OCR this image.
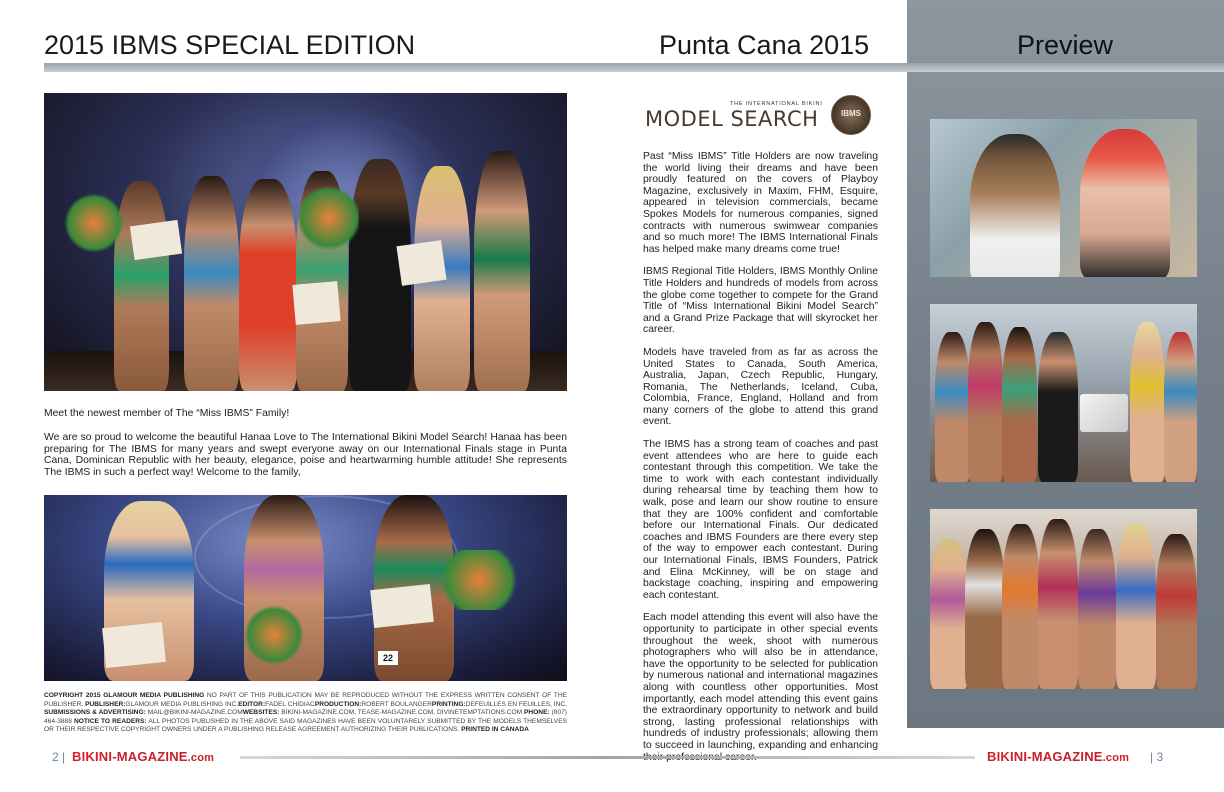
2015 IBMS SPECIAL EDITION	Punta Cana 2015	Preview
Meet the newest member of The “Miss IBMS” Family!
We are so proud to welcome the beautiful Hanaa Love to The International Bikini Model Search! Hanaa has been preparing for The IBMS for many years and swept everyone away on our International Finals stage in Punta Cana, Dominican Republic with her beauty, elegance, poise and heartwarming humble attitude! She represents The IBMS in such a perfect way! Welcome to the family,
22
COPYRIGHT 2015 GLAMOUR MEDIA PUBLISHING NO PART OF THIS PUBLICATION MAY BE REPRODUCED WITHOUT THE EXPRESS WRITTEN CONSENT OF THE PUBLISHER. PUBLISHER:GLAMOUR MEDIA PUBLISHING INC.EDITOR:FADEL CHIDIACPRODUCTION:ROBERT BOULANGERPRINTING:DEFEUILLES EN FEUILLES, INC. SUBMISSIONS & ADVERTISING: MAIL@BIKINI-MAGAZINE.COMWEBSITES: BIKINI-MAGAZINE.COM, TEASE-MAGAZINE.COM, DIVINETEMPTATIONS.COM PHONE: (807) 464-3888 NOTICE TO READERS: ALL PHOTOS PUBLISHED IN THE ABOVE SAID MAGAZINES HAVE BEEN VOLUNTARELY SUBMITTED BY THE MODELS THEMSELVES OR THEIR RESPECTIVE COPYRIGHT OWNERS UNDER A PUBLISHING RELEASE AGREEMENT AUTHORIZING THEIR PUBLICATIONS. PRINTED IN CANADA
THE INTERNATIONAL BIKINI
MODEL SEARCH	IBMS

Past “Miss IBMS” Title Holders are now traveling the world living their dreams and have been proudly featured on the covers of Playboy Magazine, exclusively in Maxim, FHM, Esquire, appeared in television commercials, became Spokes Models for numerous companies, signed contracts with numerous swimwear companies and so much more! The IBMS International Finals has helped make many dreams come true!

IBMS Regional Title Holders, IBMS Monthly Online Title Holders and hundreds of models from across the globe come together to compete for the Grand Title of “Miss International Bikini Model Search” and a Grand Prize Package that will skyrocket her career.

Models have traveled from as far as across the United States to Canada, South America, Australia, Japan, Czech Republic, Hungary, Romania, The Netherlands, Iceland, Cuba, Colombia, France, England, Holland and from many corners of the globe to attend this grand event.

The IBMS has a strong team of coaches and past event attendees who are here to guide each contestant through this competition. We take the time to work with each contestant individually during rehearsal time by teaching them how to walk, pose and learn our show routine to ensure that they are 100% confident and comfortable before our International Finals. Our dedicated coaches and IBMS Founders are there every step of the way to empower each contestant. During our International Finals, IBMS Founders, Patrick and Elina McKinney, will be on stage and backstage coaching, inspiring and empowering each contestant.

Each model attending this event will also have the opportunity to participate in other special events throughout the week, shoot with numerous photographers who will also be in attendance, have the opportunity to be selected for publication by numerous national and international magazines along with countless other opportunities. Most importantly, each model attending this event gains the extraordinary opportunity to network and build strong, lasting professional relationships with hundreds of industry professionals; allowing them to succeed in launching, expanding and enhancing

2 | BIKINI-MAGAZINE.com	BIKINI-MAGAZINE.com | 3
